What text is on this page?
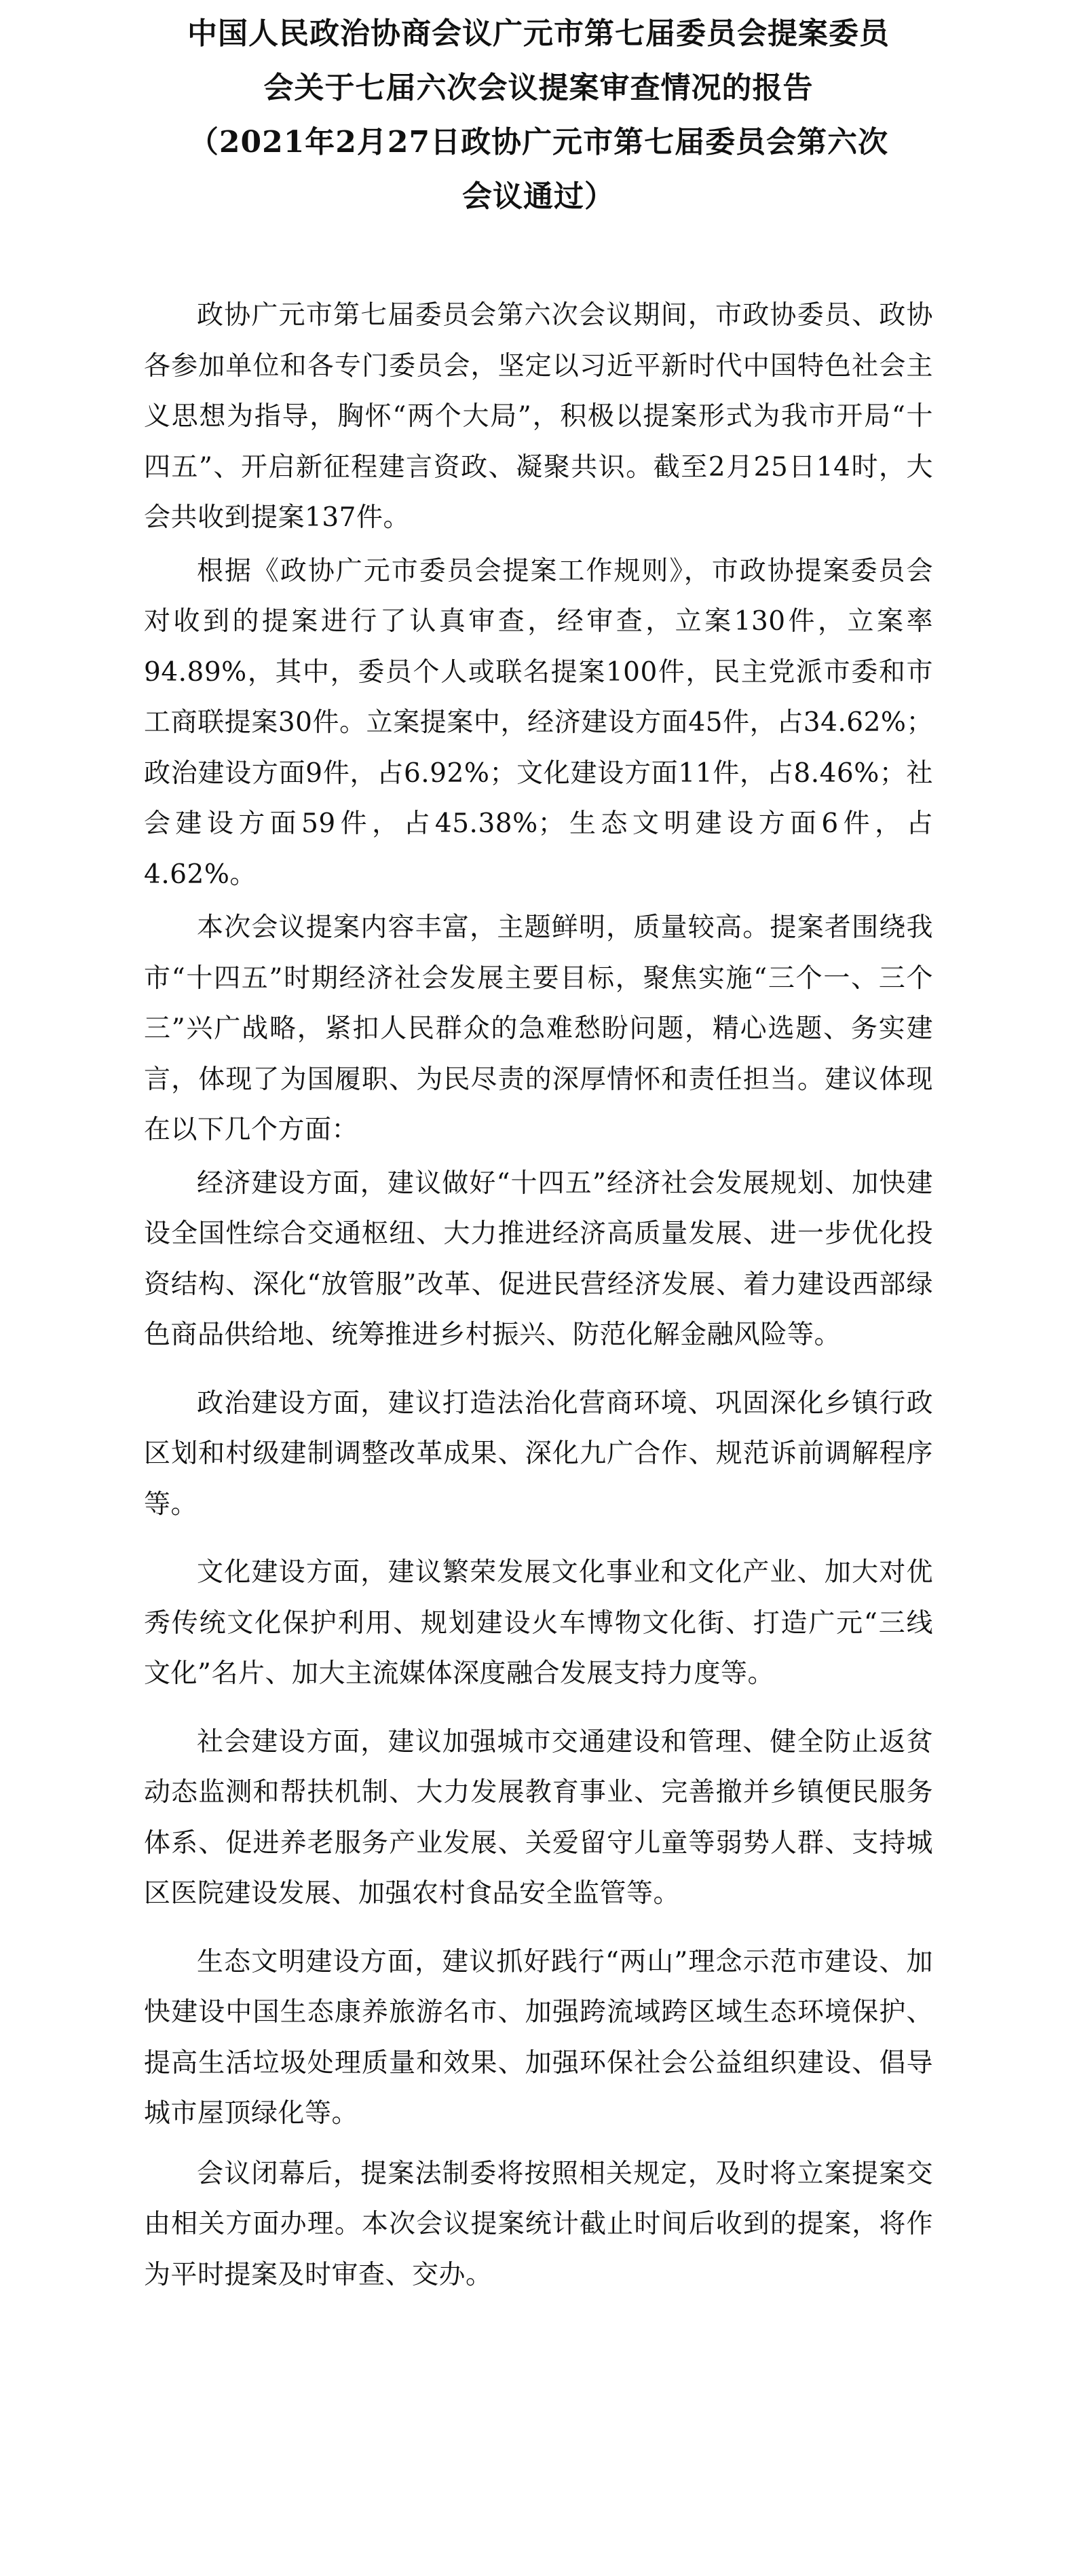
中国人民政治协商会议广元市第七届委员会提案委员
会关于七届六次会议提案审查情况的报告
（2021年2月27日政协广元市第七届委员会第六次
会议通过）

政协广元市第七届委员会第六次会议期间，市政协委员、政协各参加单位和各专门委员会，坚定以习近平新时代中国特色社会主义思想为指导，胸怀“两个大局”，积极以提案形式为我市开局“十四五”、开启新征程建言资政、凝聚共识。截至2月25日14时，大会共收到提案137件。

根据《政协广元市委员会提案工作规则》，市政协提案委员会对收到的提案进行了认真审查，经审查，立案130件，立案率94.89%，其中，委员个人或联名提案100件，民主党派市委和市工商联提案30件。立案提案中，经济建设方面45件，占34.62%；政治建设方面9件，占6.92%；文化建设方面11件，占8.46%；社会建设方面59件，占45.38%；生态文明建设方面6件，占4.62%。

本次会议提案内容丰富，主题鲜明，质量较高。提案者围绕我市“十四五”时期经济社会发展主要目标，聚焦实施“三个一、三个三”兴广战略，紧扣人民群众的急难愁盼问题，精心选题、务实建言，体现了为国履职、为民尽责的深厚情怀和责任担当。建议体现在以下几个方面：

经济建设方面，建议做好“十四五”经济社会发展规划、加快建设全国性综合交通枢纽、大力推进经济高质量发展、进一步优化投资结构、深化“放管服”改革、促进民营经济发展、着力建设西部绿色商品供给地、统筹推进乡村振兴、防范化解金融风险等。

政治建设方面，建议打造法治化营商环境、巩固深化乡镇行政区划和村级建制调整改革成果、深化九广合作、规范诉前调解程序等。

文化建设方面，建议繁荣发展文化事业和文化产业、加大对优秀传统文化保护利用、规划建设火车博物文化街、打造广元“三线文化”名片、加大主流媒体深度融合发展支持力度等。

社会建设方面，建议加强城市交通建设和管理、健全防止返贫动态监测和帮扶机制、大力发展教育事业、完善撤并乡镇便民服务体系、促进养老服务产业发展、关爱留守儿童等弱势人群、支持城区医院建设发展、加强农村食品安全监管等。

生态文明建设方面，建议抓好践行“两山”理念示范市建设、加快建设中国生态康养旅游名市、加强跨流域跨区域生态环境保护、提高生活垃圾处理质量和效果、加强环保社会公益组织建设、倡导城市屋顶绿化等。

会议闭幕后，提案法制委将按照相关规定，及时将立案提案交由相关方面办理。本次会议提案统计截止时间后收到的提案，将作为平时提案及时审查、交办。
